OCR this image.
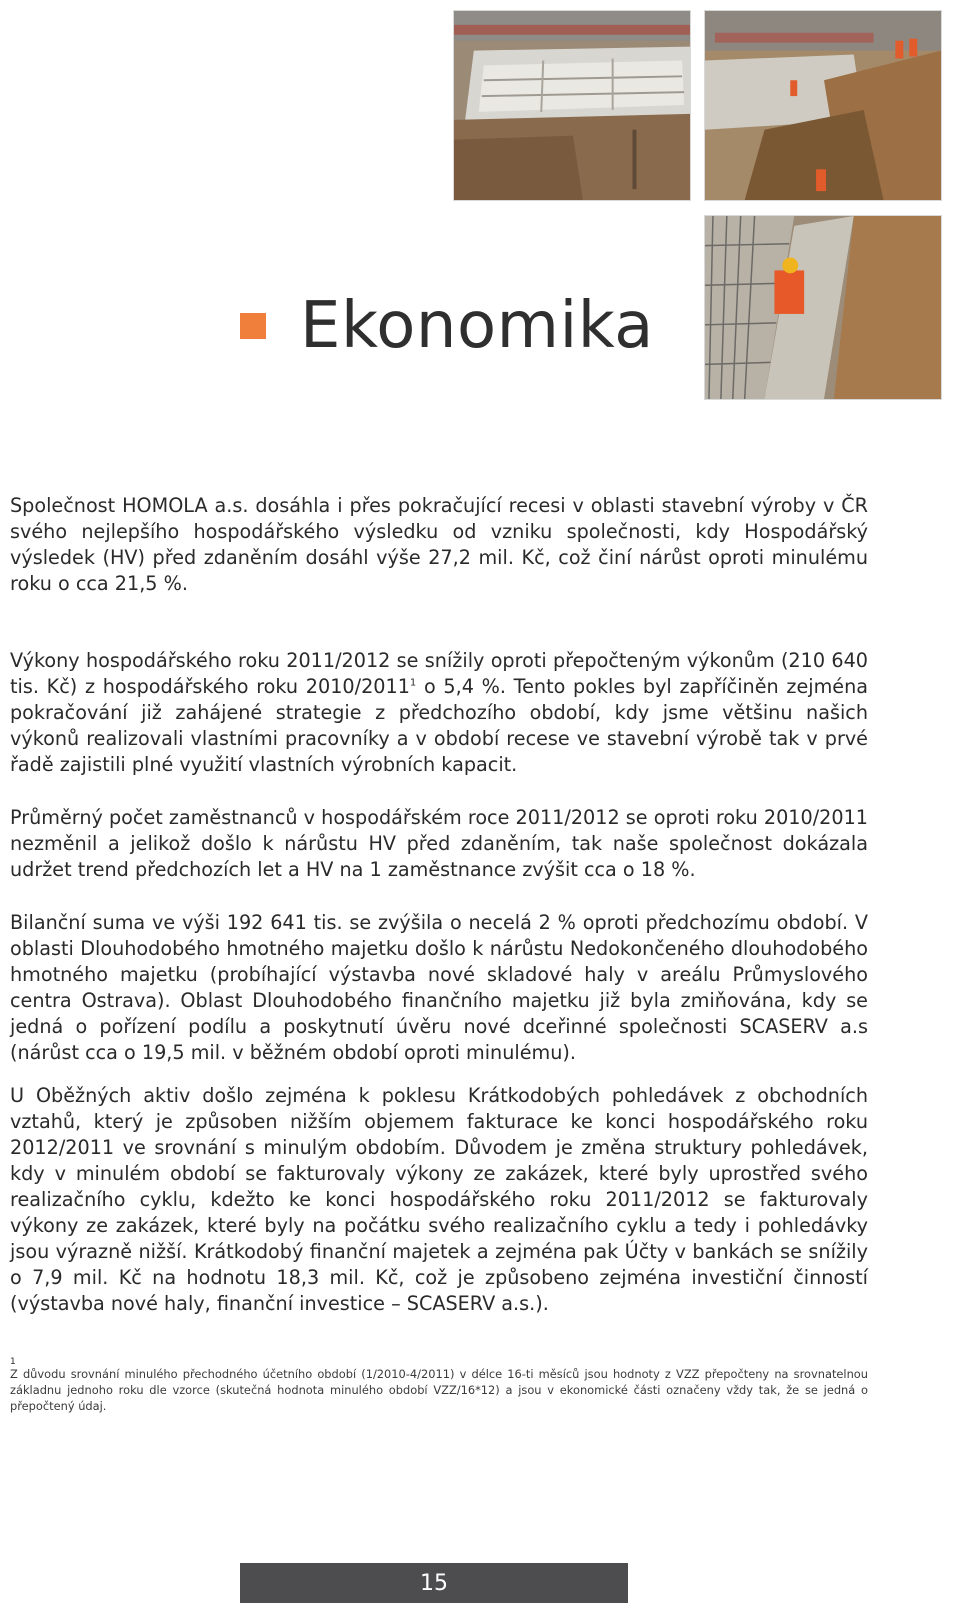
Ekonomika

Společnost HOMOLA a.s. dosáhla i přes pokračující recesi v oblasti stavební výroby v ČR svého nejlepšího hospodářského výsledku od vzniku společnosti, kdy Hospodářský výsledek (HV) před zdaněním dosáhl výše 27,2 mil. Kč, což činí nárůst oproti minulému roku o cca 21,5 %.

Výkony hospodářského roku 2011/2012 se snížily oproti přepočteným výkonům (210 640 tis. Kč) z hospodářského roku 2010/2011$^1$ o 5,4 %. Tento pokles byl zapříčiněn zejména pokračování již zahájené strategie z předchozího období, kdy jsme většinu našich výkonů realizovali vlastními pracovníky a v období recese ve stavební výrobě tak v prvé řadě zajistili plné využití vlastních výrobních kapacit.

Průměrný počet zaměstnanců v hospodářském roce 2011/2012 se oproti roku 2010/2011 nezměnil a jelikož došlo k nárůstu HV před zdaněním, tak naše společnost dokázala udržet trend předchozích let a HV na 1 zaměstnance zvýšit cca o 18 %.

Bilanční suma ve výši 192 641 tis. se zvýšila o necelá 2 % oproti předchozímu období. V oblasti Dlouhodobého hmotného majetku došlo k nárůstu Nedokončeného dlouhodobého hmotného majetku (probíhající výstavba nové skladové haly v areálu Průmyslového centra Ostrava). Oblast Dlouhodobého finančního majetku již byla zmiňována, kdy se jedná o pořízení podílu a poskytnutí úvěru nové dceřinné společnosti SCASERV a.s (nárůst cca o 19,5 mil. v běžném období oproti minulému).

U Oběžných aktiv došlo zejména k poklesu Krátkodobých pohledávek z obchodních vztahů, který je způsoben nižším objemem fakturace ke konci hospodářského roku 2012/2011 ve srovnání s minulým obdobím. Důvodem je změna struktury pohledávek, kdy v minulém období se fakturovaly výkony ze zakázek, které byly uprostřed svého realizačního cyklu, kdežto ke konci hospodářského roku 2011/2012 se fakturovaly výkony ze zakázek, které byly na počátku svého realizačního cyklu a tedy i pohledávky jsou výrazně nižší. Krátkodobý finanční majetek a zejména pak Účty v bankách se snížily o 7,9 mil. Kč na hodnotu 18,3 mil. Kč, což je způsobeno zejména investiční činností (výstavba nové haly, finanční investice – SCASERV a.s.).

1

Z důvodu srovnání minulého přechodného účetního období (1/2010-4/2011) v délce 16-ti měsíců jsou hodnoty z VZZ přepočteny na srovnatelnou základnu jednoho roku dle vzorce (skutečná hodnota minulého období VZZ/16*12) a jsou v ekonomické části označeny vždy tak, že se jedná o přepočtený údaj.

15
